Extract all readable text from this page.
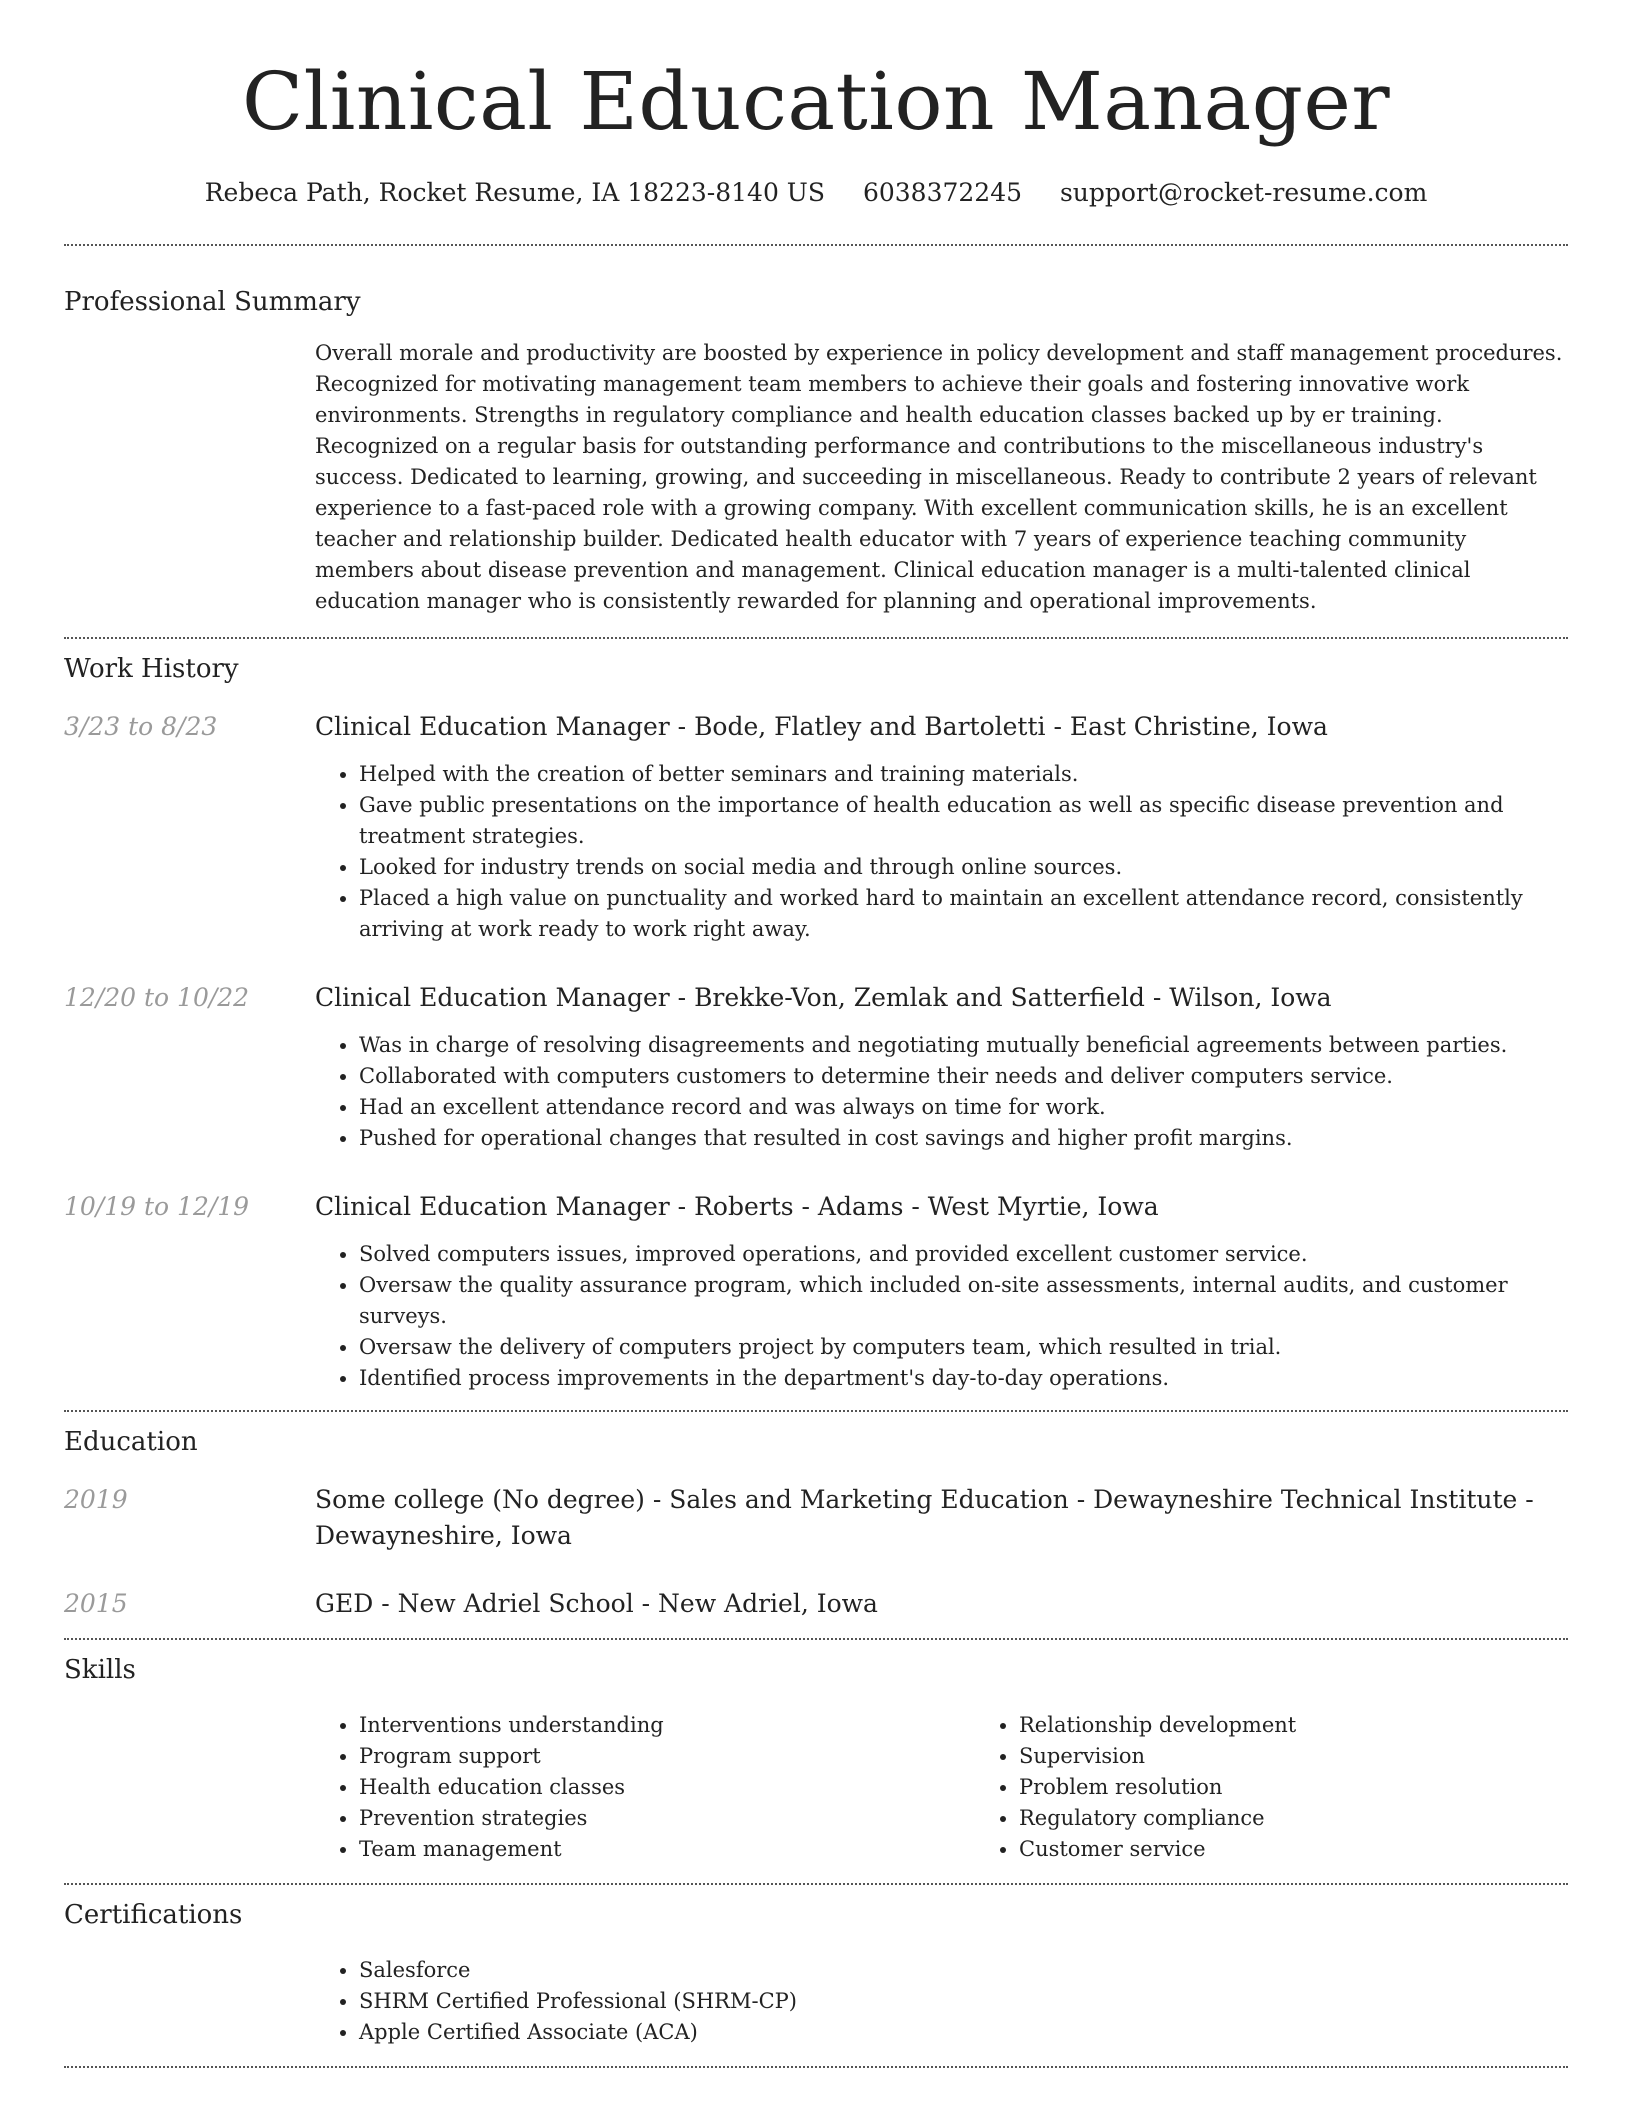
Clinical Education Manager
Rebeca Path, Rocket Resume, IA 18223-8140 US 6038372245 support@rocket-resume.com
Professional Summary
Overall morale and productivity are boosted by experience in policy development and staff management procedures. Recognized for motivating management team members to achieve their goals and fostering innovative work environments. Strengths in regulatory compliance and health education classes backed up by er training. Recognized on a regular basis for outstanding performance and contributions to the miscellaneous industry's success. Dedicated to learning, growing, and succeeding in miscellaneous. Ready to contribute 2 years of relevant experience to a fast-paced role with a growing company. With excellent communication skills, he is an excellent teacher and relationship builder. Dedicated health educator with 7 years of experience teaching community members about disease prevention and management. Clinical education manager is a multi-talented clinical education manager who is consistently rewarded for planning and operational improvements.
Work History
3/23 to 8/23	Clinical Education Manager - Bode, Flatley and Bartoletti - East Christine, Iowa
• Helped with the creation of better seminars and training materials.
• Gave public presentations on the importance of health education as well as specific disease prevention and treatment strategies.
• Looked for industry trends on social media and through online sources.
• Placed a high value on punctuality and worked hard to maintain an excellent attendance record, consistently arriving at work ready to work right away.
12/20 to 10/22	Clinical Education Manager - Brekke-Von, Zemlak and Satterfield - Wilson, Iowa
• Was in charge of resolving disagreements and negotiating mutually beneficial agreements between parties.
• Collaborated with computers customers to determine their needs and deliver computers service.
• Had an excellent attendance record and was always on time for work.
• Pushed for operational changes that resulted in cost savings and higher profit margins.
10/19 to 12/19	Clinical Education Manager - Roberts - Adams - West Myrtie, Iowa
• Solved computers issues, improved operations, and provided excellent customer service.
• Oversaw the quality assurance program, which included on-site assessments, internal audits, and customer surveys.
• Oversaw the delivery of computers project by computers team, which resulted in trial.
• Identified process improvements in the department's day-to-day operations.
Education
2019	Some college (No degree) - Sales and Marketing Education - Dewayneshire Technical Institute - Dewayneshire, Iowa
2015	GED - New Adriel School - New Adriel, Iowa
Skills
• Interventions understanding
• Program support
• Health education classes
• Prevention strategies
• Team management
• Relationship development
• Supervision
• Problem resolution
• Regulatory compliance
• Customer service
Certifications
• Salesforce
• SHRM Certified Professional (SHRM-CP)
• Apple Certified Associate (ACA)
